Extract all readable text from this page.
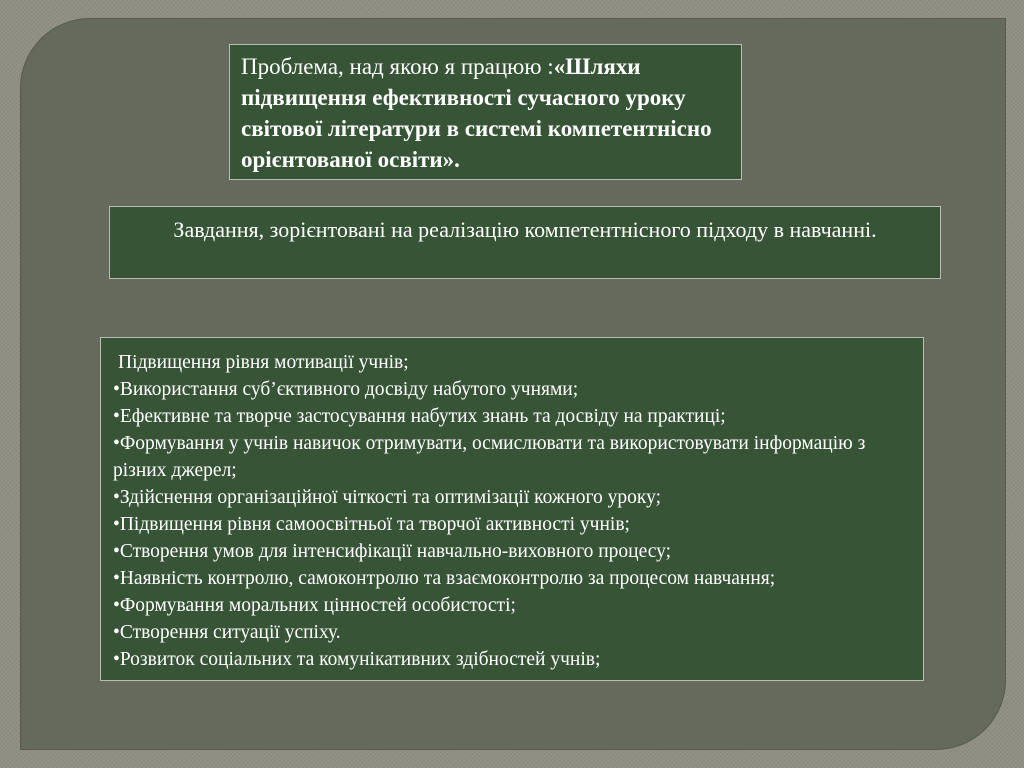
Проблема, над якою я працюю :«Шляхи підвищення ефективності сучасного уроку світової літератури в системі компетентнісно орієнтованої освіти».
Завдання, зорієнтовані на реалізацію компетентнісного підходу в навчанні.
Підвищення рівня мотивації учнів;
•Використання суб’єктивного досвіду набутого учнями;
•Ефективне та творче застосування набутих знань та досвіду на практиці;
•Формування у учнів навичок отримувати, осмислювати та використовувати інформацію з різних джерел;
•Здійснення організаційної чіткості та оптимізації кожного уроку;
•Підвищення рівня самоосвітньої та творчої активності учнів;
•Створення умов для інтенсифікації навчально-виховного процесу;
•Наявність контролю, самоконтролю та взаємоконтролю за процесом навчання;
•Формування моральних цінностей особистості;
•Створення ситуації успіху.
•Розвиток соціальних та комунікативних здібностей учнів;
